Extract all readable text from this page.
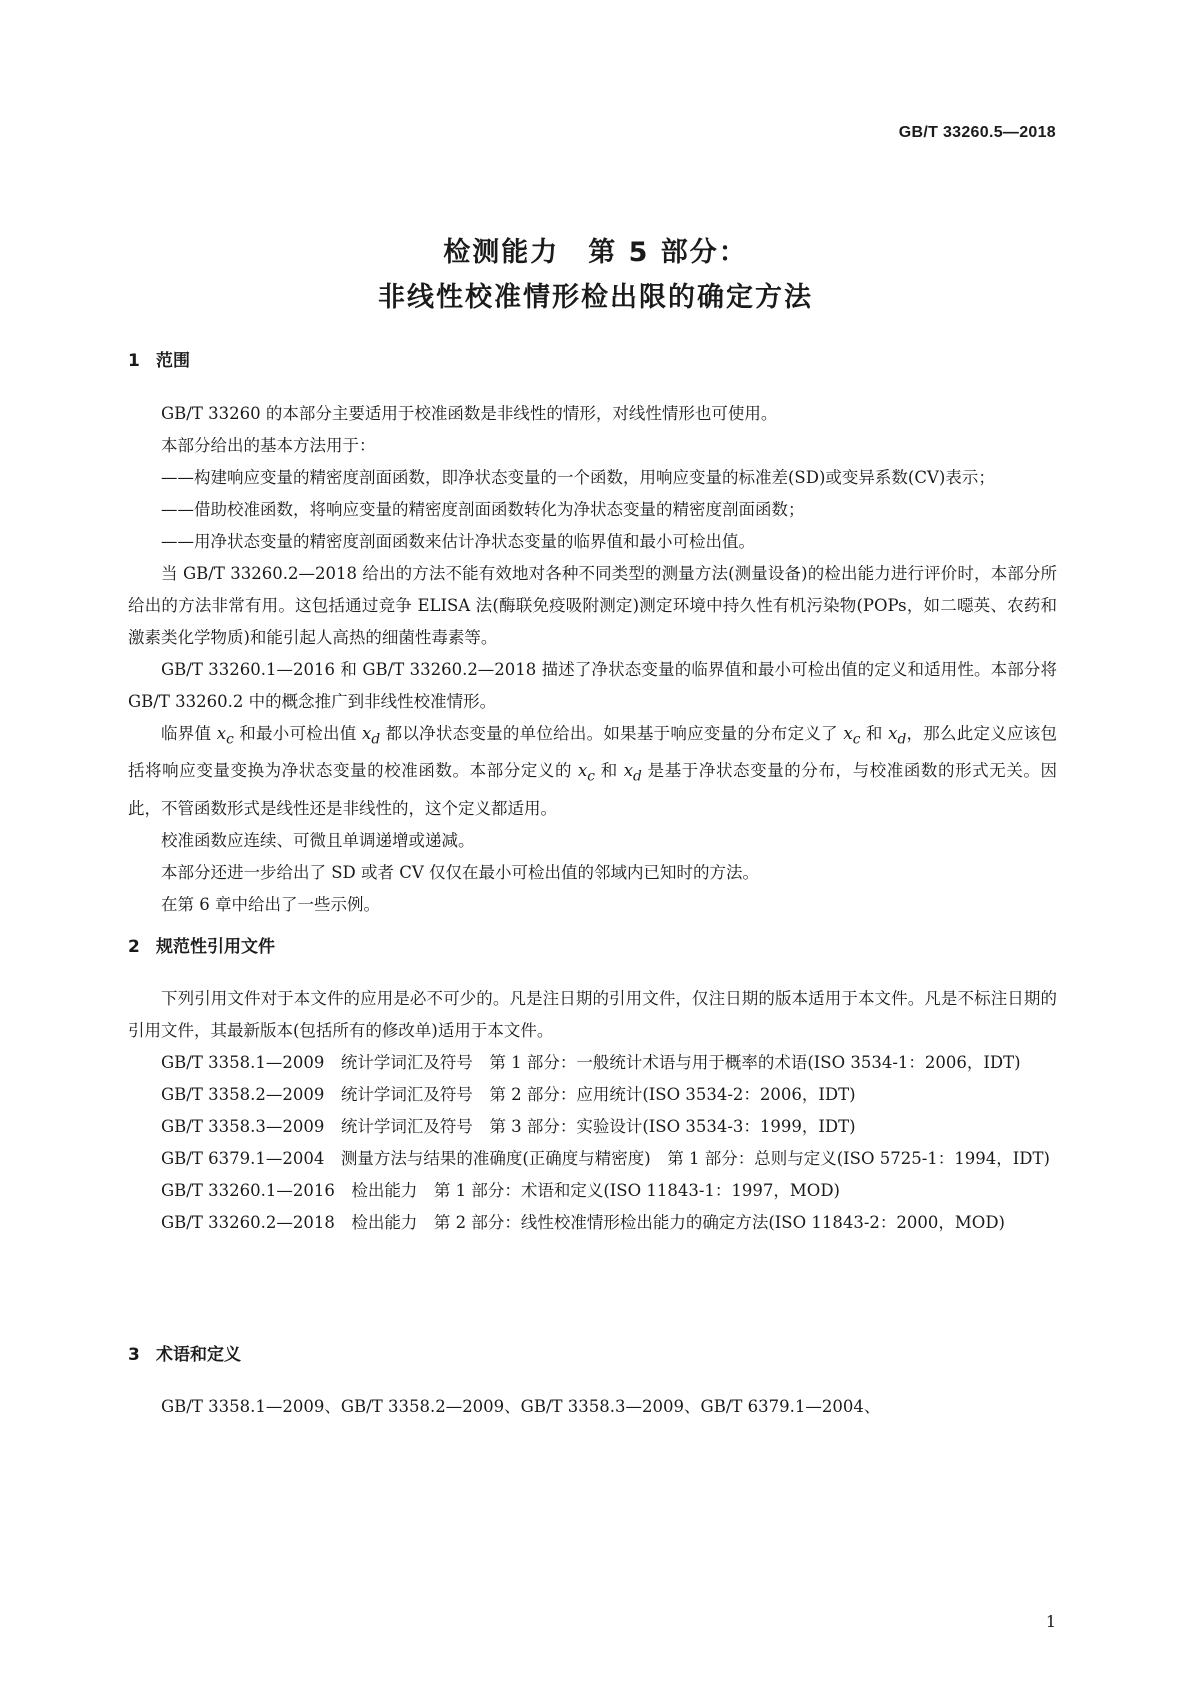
GB/T 33260.5—2018
检测能力　第 5 部分：
非线性校准情形检出限的确定方法
1 范围

GB/T 33260 的本部分主要适用于校准函数是非线性的情形，对线性情形也可使用。

本部分给出的基本方法用于：

——构建响应变量的精密度剖面函数，即净状态变量的一个函数，用响应变量的标准差(SD)或变异系数(CV)表示；

——借助校准函数，将响应变量的精密度剖面函数转化为净状态变量的精密度剖面函数；

——用净状态变量的精密度剖面函数来估计净状态变量的临界值和最小可检出值。

当 GB/T 33260.2—2018 给出的方法不能有效地对各种不同类型的测量方法(测量设备)的检出能力进行评价时，本部分所给出的方法非常有用。这包括通过竞争 ELISA 法(酶联免疫吸附测定)测定环境中持久性有机污染物(POPs，如二噁英、农药和激素类化学物质)和能引起人高热的细菌性毒素等。

GB/T 33260.1—2016 和 GB/T 33260.2—2018 描述了净状态变量的临界值和最小可检出值的定义和适用性。本部分将 GB/T 33260.2 中的概念推广到非线性校准情形。

临界值 $x_c$ 和最小可检出值 $x_d$ 都以净状态变量的单位给出。如果基于响应变量的分布定义了 $x_c$ 和 $x_d$，那么此定义应该包括将响应变量变换为净状态变量的校准函数。本部分定义的 $x_c$ 和 $x_d$ 是基于净状态变量的分布，与校准函数的形式无关。因此，不管函数形式是线性还是非线性的，这个定义都适用。

校准函数应连续、可微且单调递增或递减。

本部分还进一步给出了 SD 或者 CV 仅仅在最小可检出值的邻域内已知时的方法。

在第 6 章中给出了一些示例。

2 规范性引用文件

下列引用文件对于本文件的应用是必不可少的。凡是注日期的引用文件，仅注日期的版本适用于本文件。凡是不标注日期的引用文件，其最新版本(包括所有的修改单)适用于本文件。

GB/T 3358.1—2009　统计学词汇及符号　第 1 部分：一般统计术语与用于概率的术语(ISO 3534-1：2006，IDT)

GB/T 3358.2—2009　统计学词汇及符号　第 2 部分：应用统计(ISO 3534-2：2006，IDT)

GB/T 3358.3—2009　统计学词汇及符号　第 3 部分：实验设计(ISO 3534-3：1999，IDT)

GB/T 6379.1—2004　测量方法与结果的准确度(正确度与精密度)　第 1 部分：总则与定义(ISO 5725-1：1994，IDT)

GB/T 33260.1—2016　检出能力　第 1 部分：术语和定义(ISO 11843-1：1997，MOD)

GB/T 33260.2—2018　检出能力　第 2 部分：线性校准情形检出能力的确定方法(ISO 11843-2：2000，MOD)

3 术语和定义

GB/T 3358.1—2009、GB/T 3358.2—2009、GB/T 3358.3—2009、GB/T 6379.1—2004、

1
